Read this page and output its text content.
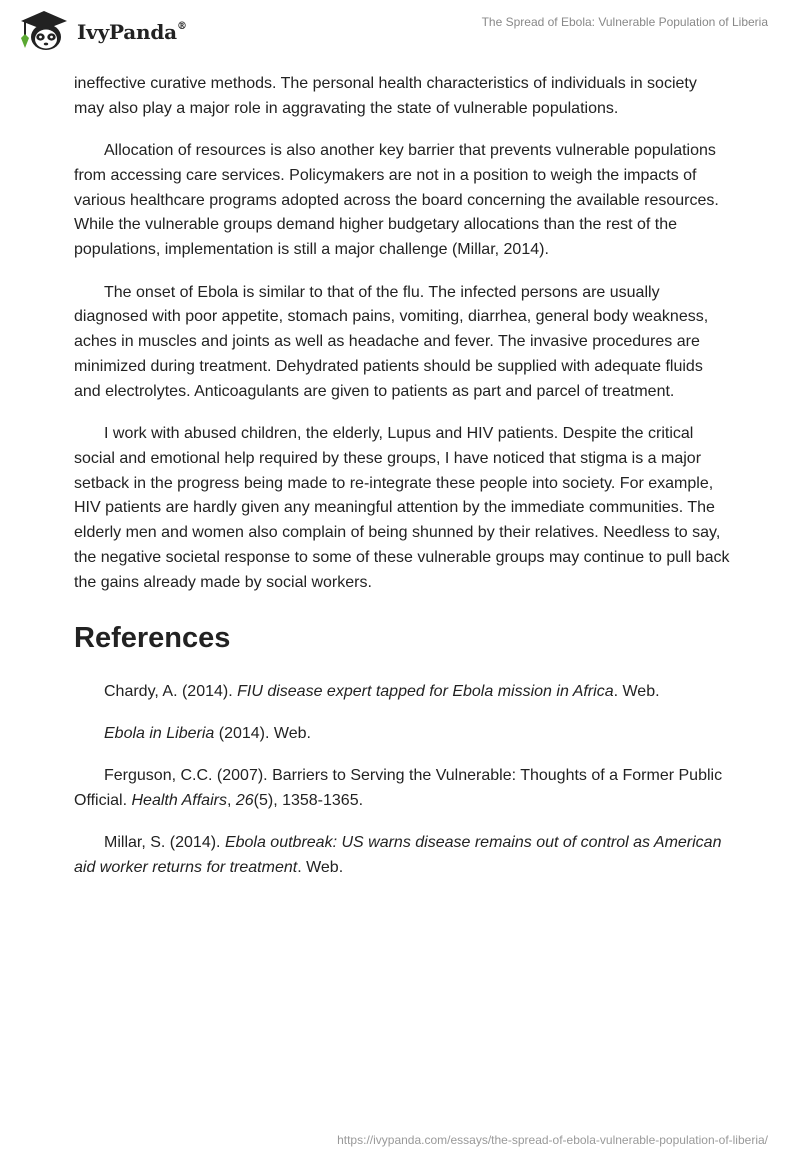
IvyPanda®	The Spread of Ebola: Vulnerable Population of Liberia

ineffective curative methods. The personal health characteristics of individuals in society may also play a major role in aggravating the state of vulnerable populations.

Allocation of resources is also another key barrier that prevents vulnerable populations from accessing care services. Policymakers are not in a position to weigh the impacts of various healthcare programs adopted across the board concerning the available resources. While the vulnerable groups demand higher budgetary allocations than the rest of the populations, implementation is still a major challenge (Millar, 2014).

The onset of Ebola is similar to that of the flu. The infected persons are usually diagnosed with poor appetite, stomach pains, vomiting, diarrhea, general body weakness, aches in muscles and joints as well as headache and fever. The invasive procedures are minimized during treatment. Dehydrated patients should be supplied with adequate fluids and electrolytes. Anticoagulants are given to patients as part and parcel of treatment.

I work with abused children, the elderly, Lupus and HIV patients. Despite the critical social and emotional help required by these groups, I have noticed that stigma is a major setback in the progress being made to re-integrate these people into society. For example, HIV patients are hardly given any meaningful attention by the immediate communities. The elderly men and women also complain of being shunned by their relatives. Needless to say, the negative societal response to some of these vulnerable groups may continue to pull back the gains already made by social workers.

References

Chardy, A. (2014). FIU disease expert tapped for Ebola mission in Africa. Web.

Ebola in Liberia (2014). Web.

Ferguson, C.C. (2007). Barriers to Serving the Vulnerable: Thoughts of a Former Public Official. Health Affairs, 26(5), 1358-1365.

Millar, S. (2014). Ebola outbreak: US warns disease remains out of control as American aid worker returns for treatment. Web.

https://ivypanda.com/essays/the-spread-of-ebola-vulnerable-population-of-liberia/
